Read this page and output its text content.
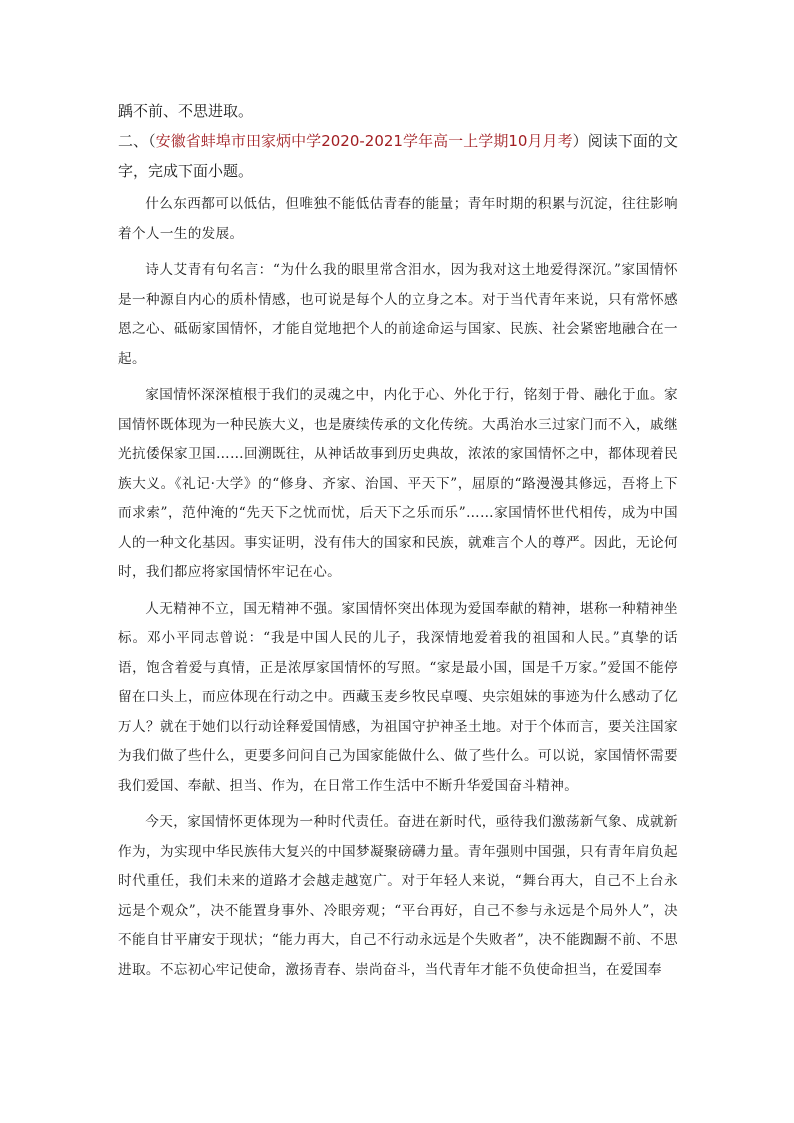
踽不前、不思进取。

二、（安徽省蚌埠市田家炳中学2020-2021学年高一上学期10月月考）阅读下面的文字，完成下面小题。

什么东西都可以低估，但唯独不能低估青春的能量；青年时期的积累与沉淀，往往影响着个人一生的发展。

诗人艾青有句名言：“为什么我的眼里常含泪水，因为我对这土地爱得深沉。”家国情怀是一种源自内心的质朴情感，也可说是每个人的立身之本。对于当代青年来说，只有常怀感恩之心、砥砺家国情怀，才能自觉地把个人的前途命运与国家、民族、社会紧密地融合在一起。

家国情怀深深植根于我们的灵魂之中，内化于心、外化于行，铭刻于骨、融化于血。家国情怀既体现为一种民族大义，也是赓续传承的文化传统。大禹治水三过家门而不入，戚继光抗倭保家卫国……回溯既往，从神话故事到历史典故，浓浓的家国情怀之中，都体现着民族大义。《礼记·大学》的“修身、齐家、治国、平天下”，屈原的“路漫漫其修远，吾将上下而求索”，范仲淹的“先天下之忧而忧，后天下之乐而乐”……家国情怀世代相传，成为中国人的一种文化基因。事实证明，没有伟大的国家和民族，就难言个人的尊严。因此，无论何时，我们都应将家国情怀牢记在心。

人无精神不立，国无精神不强。家国情怀突出体现为爱国奉献的精神，堪称一种精神坐标。邓小平同志曾说：“我是中国人民的儿子，我深情地爱着我的祖国和人民。”真挚的话语，饱含着爱与真情，正是浓厚家国情怀的写照。“家是最小国，国是千万家。”爱国不能停留在口头上，而应体现在行动之中。西藏玉麦乡牧民卓嘎、央宗姐妹的事迹为什么感动了亿万人？就在于她们以行动诠释爱国情感，为祖国守护神圣土地。对于个体而言，要关注国家为我们做了些什么，更要多问问自己为国家能做什么、做了些什么。可以说，家国情怀需要我们爱国、奉献、担当、作为，在日常工作生活中不断升华爱国奋斗精神。

今天，家国情怀更体现为一种时代责任。奋进在新时代，亟待我们激荡新气象、成就新作为，为实现中华民族伟大复兴的中国梦凝聚磅礴力量。青年强则中国强，只有青年肩负起时代重任，我们未来的道路才会越走越宽广。对于年轻人来说，“舞台再大，自己不上台永远是个观众”，决不能置身事外、冷眼旁观；“平台再好，自己不参与永远是个局外人”，决不能自甘平庸安于现状；“能力再大，自己不行动永远是个失败者”，决不能踟蹰不前、不思进取。不忘初心牢记使命，激扬青春、崇尚奋斗，当代青年才能不负使命担当，在爱国奉
